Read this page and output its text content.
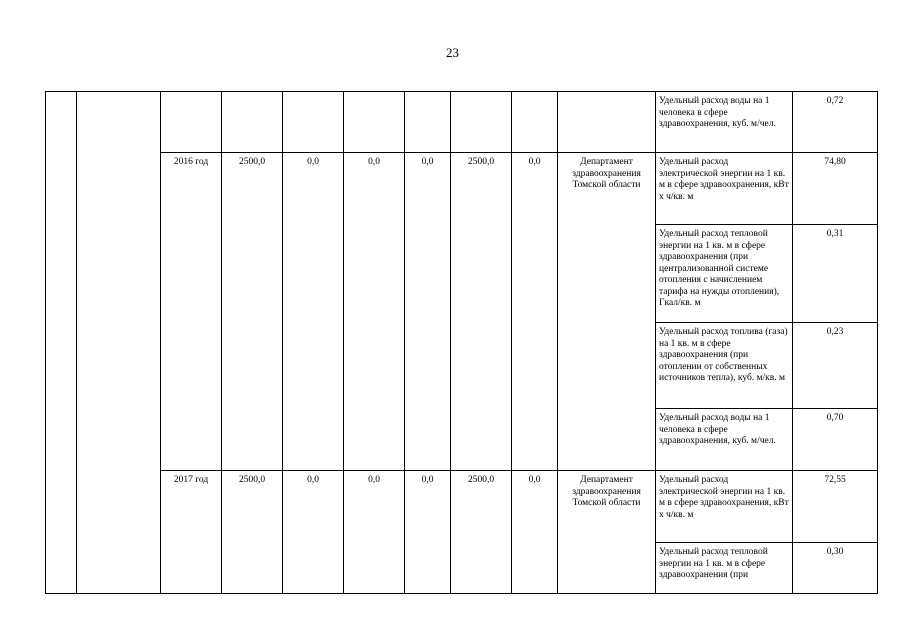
23
										Удельный расход воды на 1 человека в сфере здравоохранения, куб. м/чел.	0,72
		2016 год	2500,0	0,0	0,0	0,0	2500,0	0,0	Департамент здравоохранения Томской области	Удельный расход электрической энергии на 1 кв. м в сфере здравоохранения, кВт х ч/кв. м	74,80
										Удельный расход тепловой энергии на 1 кв. м в сфере здравоохранения (при централизованной системе отопления с начислением тарифа на нужды отопления), Гкал/кв. м	0,31
										Удельный расход топлива (газа) на 1 кв. м в сфере здравоохранения (при отоплении от собственных источников тепла), куб. м/кв. м	0,23
										Удельный расход воды на 1 человека в сфере здравоохранения, куб. м/чел.	0,70
		2017 год	2500,0	0,0	0,0	0,0	2500,0	0,0	Департамент здравоохранения Томской области	Удельный расход электрической энергии на 1 кв. м в сфере здравоохранения, кВт х ч/кв. м	72,55
										Удельный расход тепловой энергии на 1 кв. м в сфере здравоохранения (при	0,30
